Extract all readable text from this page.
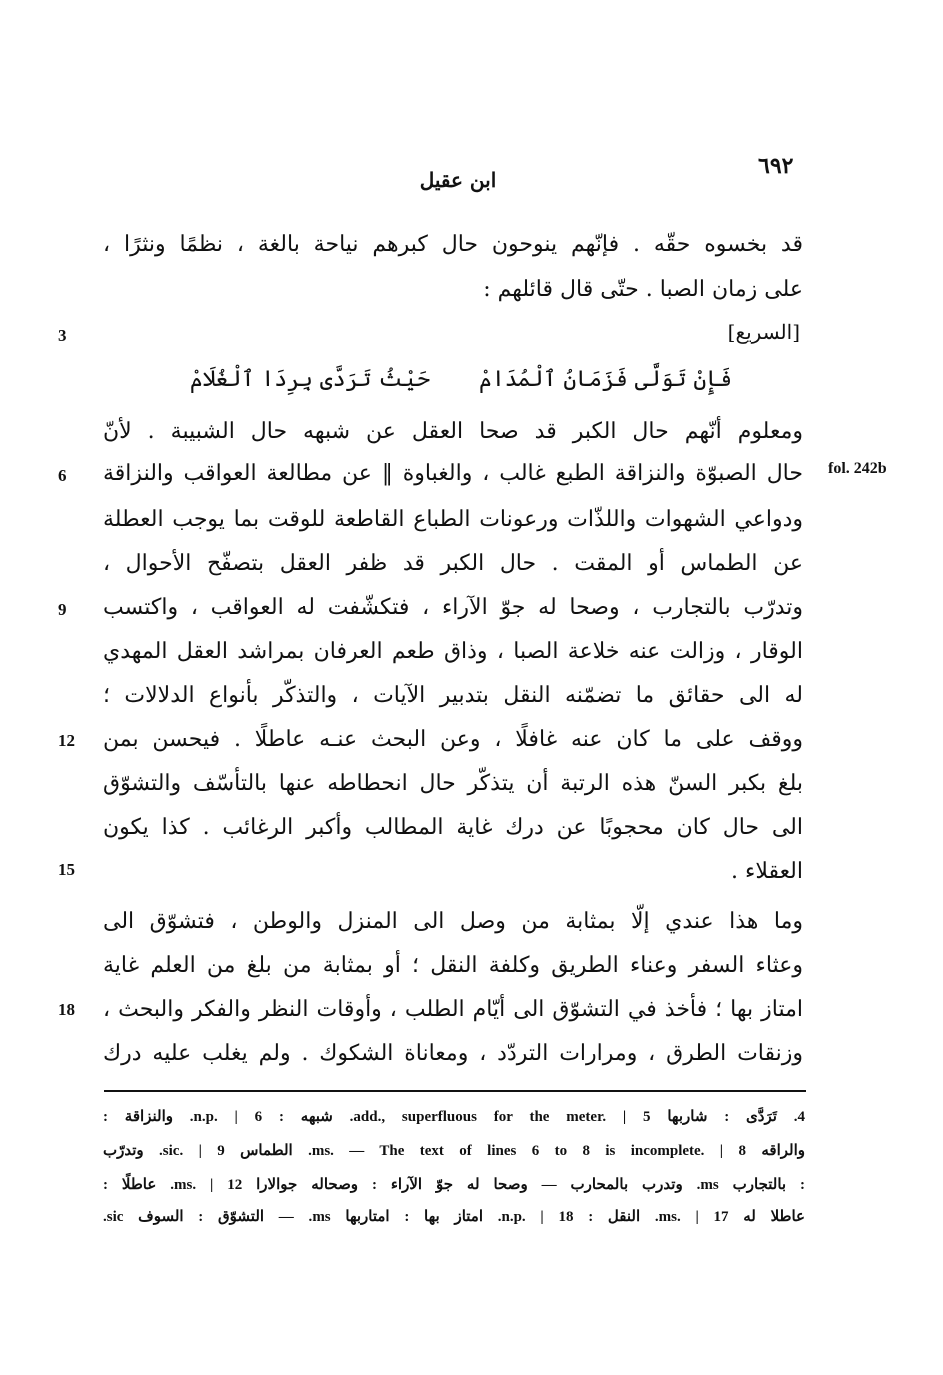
٦٩٢
ابن عقيل
fol. 242b
3
6
9
12
15
18
قد بخسوه حقّه . فإنّهم ينوحون حال كبرهم نياحة بالغة ، نظمًا ونثرًا ،
على زمان الصبا . حتّى قال قائلهم :
[السريع]
فَإِنْ تَوَلَّى فَزَمَانُ ٱلْمُدَامْ
حَيْثُ تَرَدَّى بِرِدَا ٱلْغُلَامْ
ومعلوم أنّهم حال الكبر قد صحا العقل عن شبهه حال الشبيبة . لأنّ
حال الصبوّة والنزاقة الطبع غالب ، والغباوة ‖ عن مطالعة العواقب والنزاقة
ودواعي الشهوات واللذّات ورعونات الطباع القاطعة للوقت بما يوجب العطلة
عن الطماس أو المقت . حال الكبر قد ظفر العقل بتصفّح الأحوال ،
وتدرّب بالتجارب ، وصحا له جوّ الآراء ، فتكشّفت له العواقب ، واكتسب
الوقار ، وزالت عنه خلاعة الصبا ، وذاق طعم العرفان بمراشد العقل المهدي
له الى حقائق ما تضمّنه النقل بتدبير الآيات ، والتذكّر بأنواع الدلالات ؛
ووقف على ما كان عنه غافلًا ، وعن البحث عنـه عاطلًا . فيحسن بمن
بلغ بكبر السنّ هذه الرتبة أن يتذكّر حال انحطاطه عنها بالتأسّف والتشوّق
الى حال كان محجوبًا عن درك غاية المطالب وأكبر الرغائب . كذا يكون
العقلاء .
وما هذا عندي إلّا بمثابة من وصل الى المنزل والوطن ، فتشوّق الى
وعثاء السفر وعناء الطريق وكلفة النقل ؛ أو بمثابة من بلغ من العلم غاية
امتاز بها ؛ فأخذ في التشوّق الى أيّام الطلب ، وأوقات النظر والفكر والبحث ،
وزنقات الطرق ، ومرارات التردّد ، ومعاناة الشكوك . ولم يغلب عليه درك
4. تَرَدَّى : شاربها add., superfluous for the meter. | 5. شبهه : n.p. | 6. والنزاقة :
والراقه ms. — The text of lines 6 to 8 is incomplete. | 8. الطماس sic. | 9. وتدرّب
: بالتجارب ms. وتدرب بالمحارب — وصحا له جوّ الآراء : وصحاله جوالارا ms. | 12. عاطلًا :
عاطلا له ms. | 17. النقل : n.p. | 18. امتاز بها : امتاربها ms. — التشوّق : السوف sic.
